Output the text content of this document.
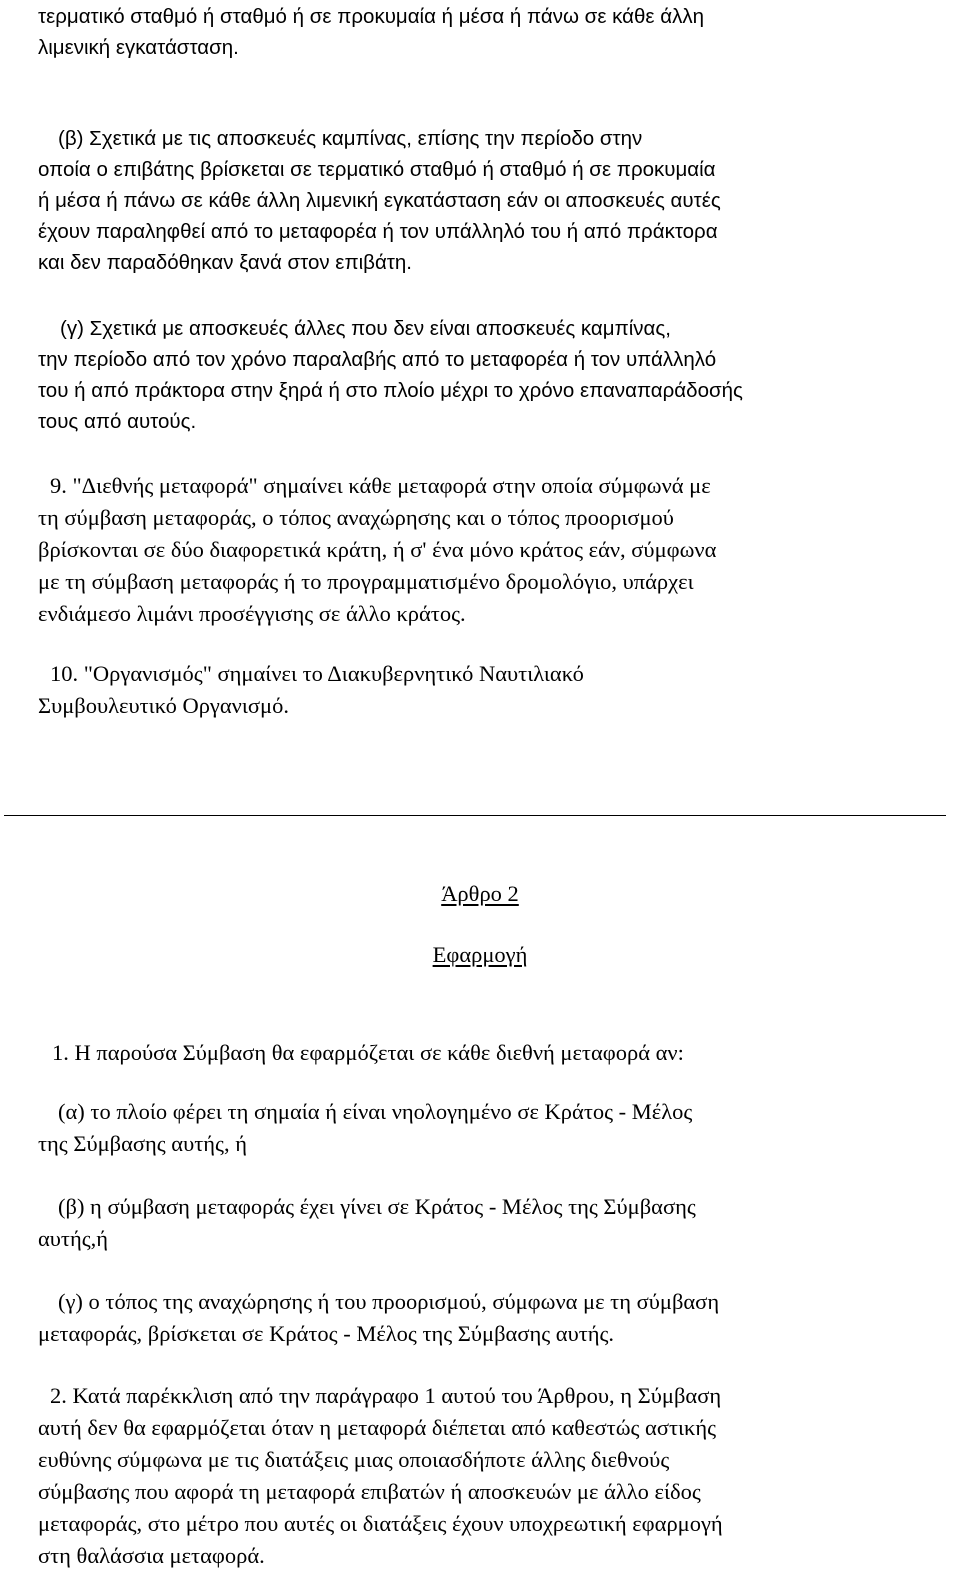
τερματικό σταθμό ή σταθμό ή σε προκυμαία ή μέσα ή πάνω σε κάθε άλλη
λιμενική εγκατάσταση.
(β) Σχετικά με τις αποσκευές καμπίνας, επίσης την περίοδο στην
οποία ο επιβάτης βρίσκεται σε τερματικό σταθμό ή σταθμό ή σε προκυμαία
ή μέσα ή πάνω σε κάθε άλλη λιμενική εγκατάσταση εάν οι αποσκευές αυτές
έχουν παραληφθεί από το μεταφορέα ή τον υπάλληλό του ή από πράκτορα
και δεν παραδόθηκαν ξανά στον επιβάτη.
(γ) Σχετικά με αποσκευές άλλες που δεν είναι αποσκευές καμπίνας,
την περίοδο από τον χρόνο παραλαβής από το μεταφορέα ή τον υπάλληλό
του ή από πράκτορα στην ξηρά ή στο πλοίο μέχρι το χρόνο επαναπαράδοσής
τους από αυτούς.
9. "Διεθνής μεταφορά" σημαίνει κάθε μεταφορά στην οποία σύμφωνά με
τη σύμβαση μεταφοράς, ο τόπος αναχώρησης και ο τόπος προορισμού
βρίσκονται σε δύο διαφορετικά κράτη, ή σ' ένα μόνο κράτος εάν, σύμφωνα
με τη σύμβαση μεταφοράς ή το προγραμματισμένο δρομολόγιο, υπάρχει
ενδιάμεσο λιμάνι προσέγγισης σε άλλο κράτος.
10. "Οργανισμός" σημαίνει το Διακυβερνητικό Ναυτιλιακό
Συμβουλευτικό Οργανισμό.
Άρθρο 2
Εφαρμογή
1. Η παρούσα Σύμβαση θα εφαρμόζεται σε κάθε διεθνή μεταφορά αν:
(α) το πλοίο φέρει τη σημαία ή είναι νηολογημένο σε Κράτος - Μέλος
της Σύμβασης αυτής, ή
(β) η σύμβαση μεταφοράς έχει γίνει σε Κράτος - Μέλος της Σύμβασης
αυτής,ή
(γ) ο τόπος της αναχώρησης ή του προορισμού, σύμφωνα με τη σύμβαση
μεταφοράς, βρίσκεται σε Κράτος - Μέλος της Σύμβασης αυτής.
2. Κατά παρέκκλιση από την παράγραφο 1 αυτού του Άρθρου, η Σύμβαση
αυτή δεν θα εφαρμόζεται όταν η μεταφορά διέπεται από καθεστώς αστικής
ευθύνης σύμφωνα με τις διατάξεις μιας οποιασδήποτε άλλης διεθνούς
σύμβασης που αφορά τη μεταφορά επιβατών ή αποσκευών με άλλο είδος
μεταφοράς, στο μέτρο που αυτές οι διατάξεις έχουν υποχρεωτική εφαρμογή
στη θαλάσσια μεταφορά.
